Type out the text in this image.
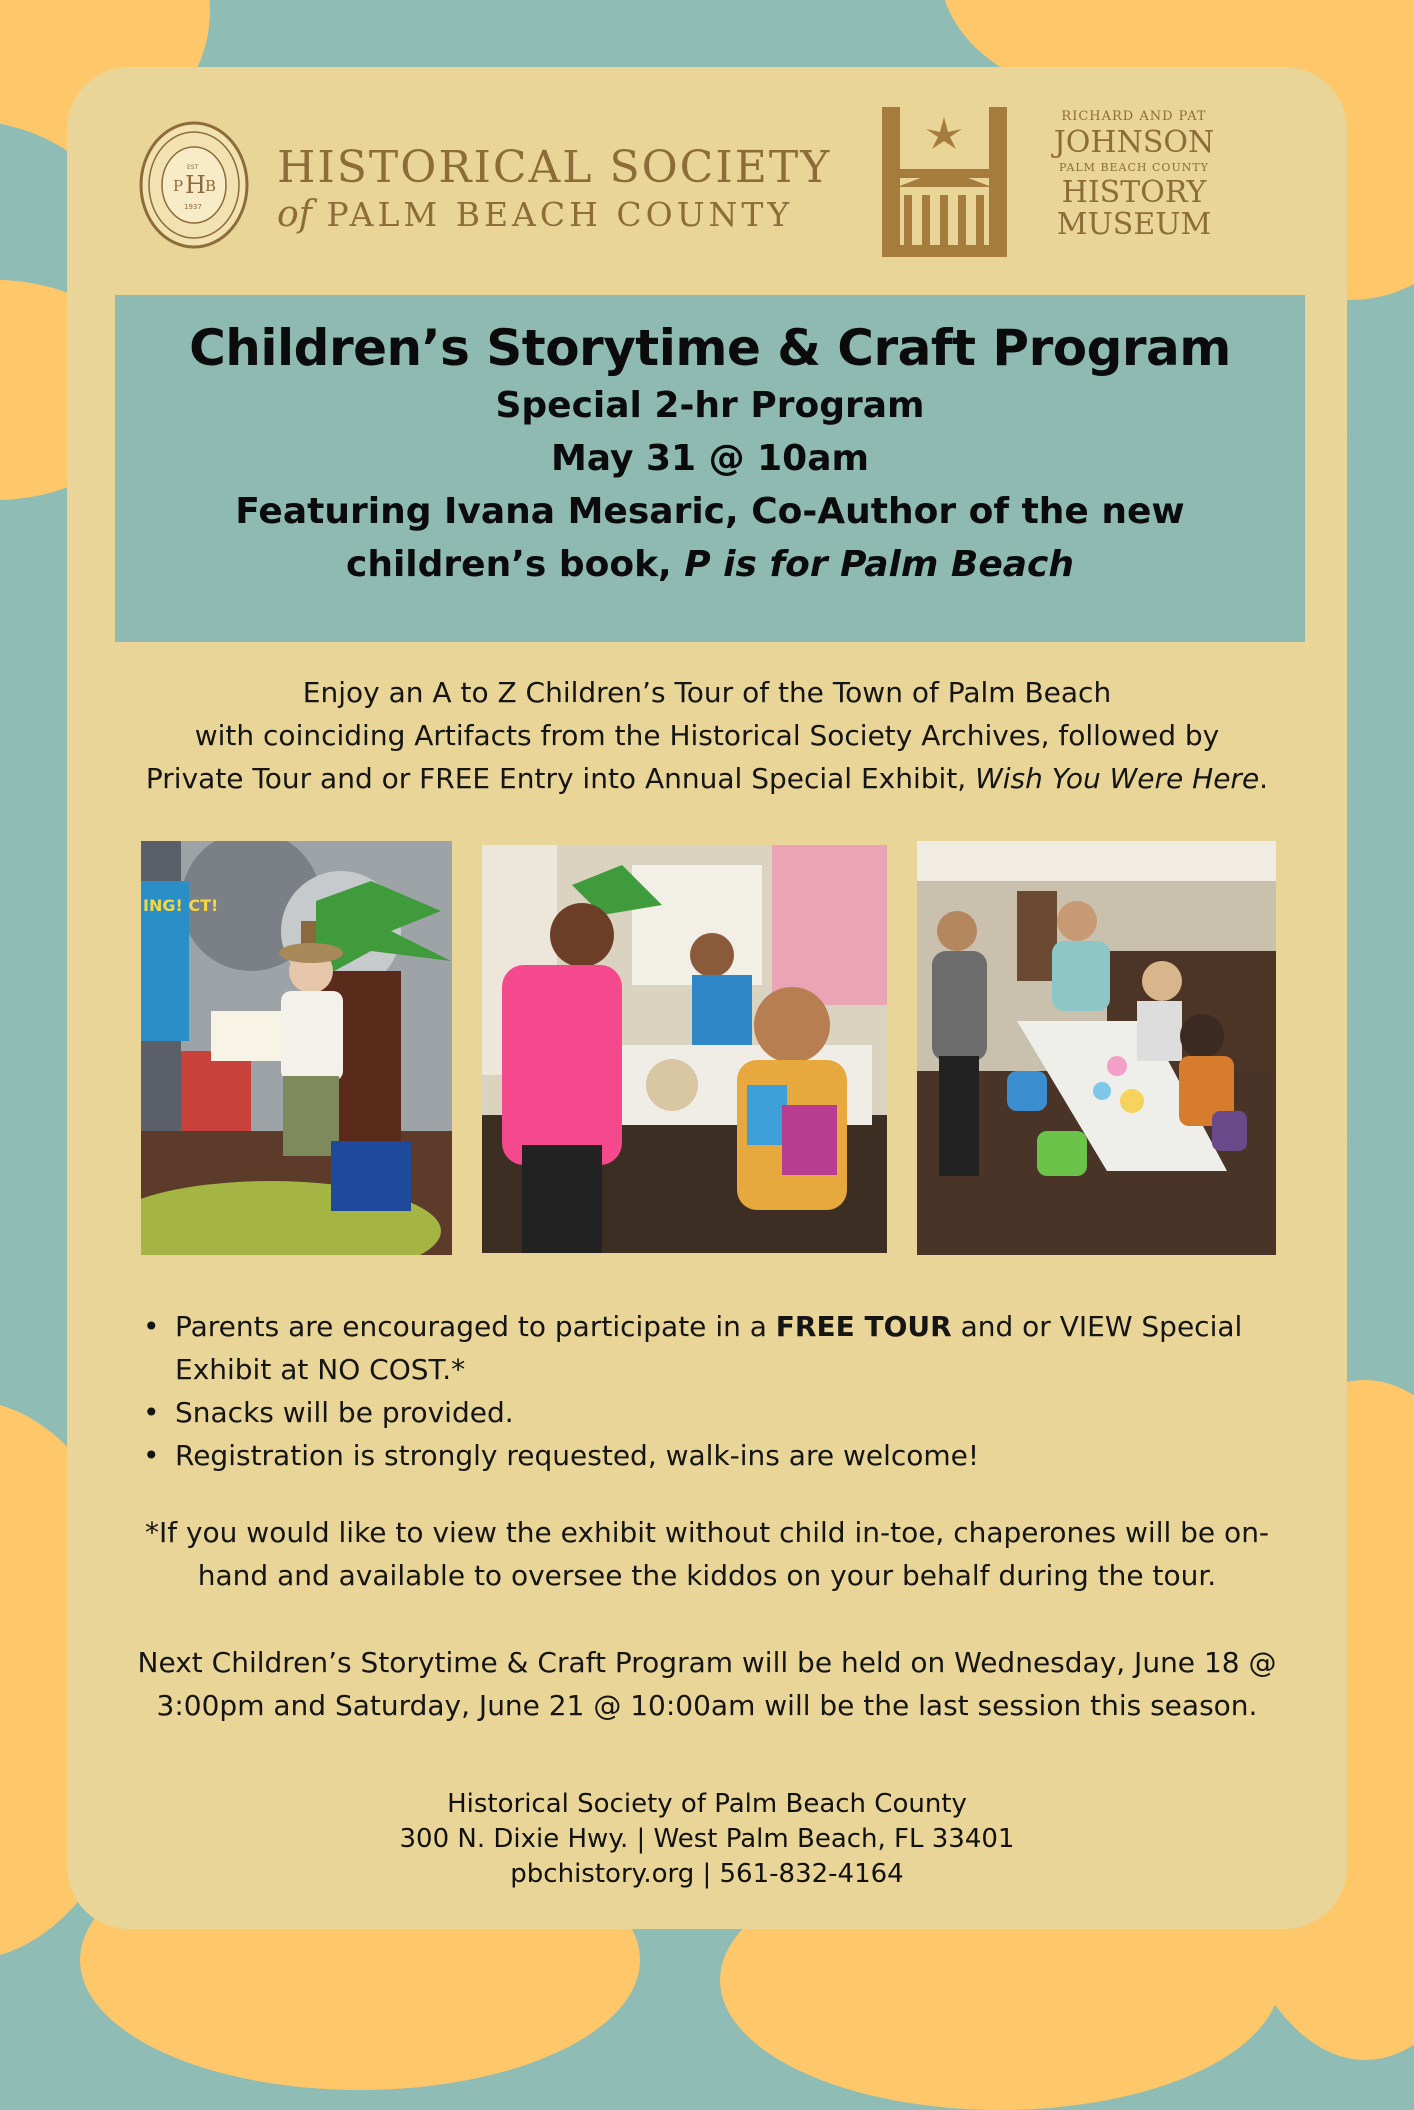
P H B
EST
1937
HISTORICAL SOCIETY
of PALM BEACH COUNTY
RICHARD AND PAT
JOHNSON
PALM BEACH COUNTY
HISTORY
MUSEUM
Children’s Storytime & Craft Program
Special 2-hr Program
May 31 @ 10am
Featuring Ivana Mesaric, Co-Author of the new
children’s book, P is for Palm Beach
Enjoy an A to Z Children’s Tour of the Town of Palm Beach
with coinciding Artifacts from the Historical Society Archives, followed by
Private Tour and or FREE Entry into Annual Special Exhibit, Wish You Were Here.
ING! CT!
• Parents are encouraged to participate in a FREE TOUR and or VIEW Special
Exhibit at NO COST.*
• Snacks will be provided.
• Registration is strongly requested, walk-ins are welcome!
*If you would like to view the exhibit without child in-toe, chaperones will be on-
hand and available to oversee the kiddos on your behalf during the tour.
Next Children’s Storytime & Craft Program will be held on Wednesday, June 18 @
3:00pm and Saturday, June 21 @ 10:00am will be the last session this season.
Historical Society of Palm Beach County
300 N. Dixie Hwy. | West Palm Beach, FL 33401
pbchistory.org | 561-832-4164
